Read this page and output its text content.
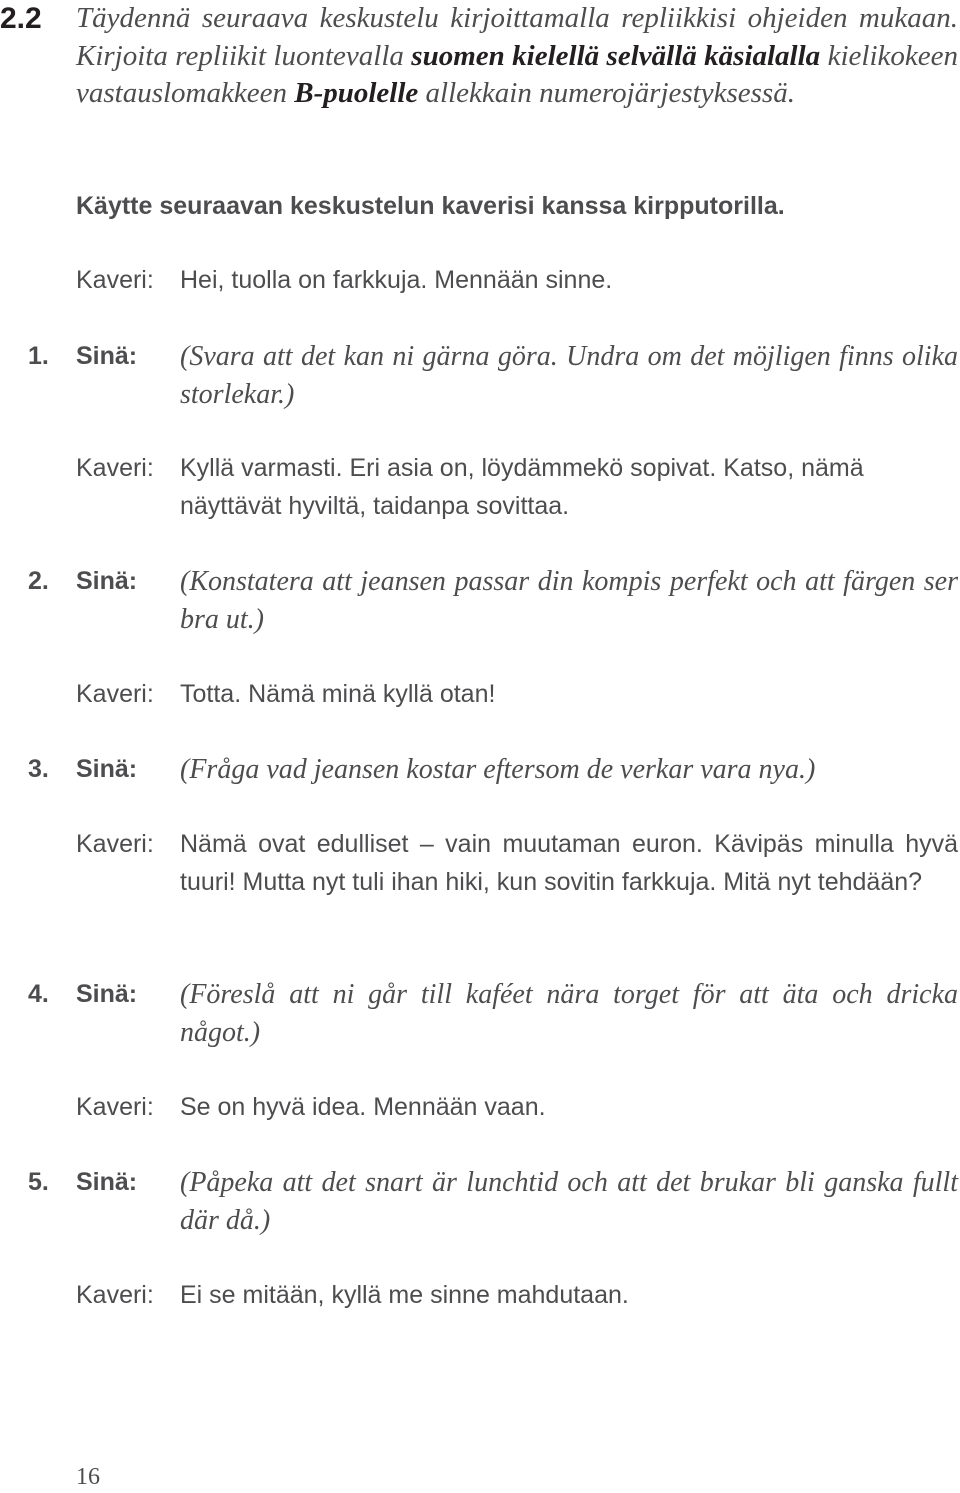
2.2 Täydennä seuraava keskustelu kirjoittamalla repliikkisi ohjeiden mukaan. Kirjoita repliikit luontevalla suomen kielellä selvällä käsialalla kielikokeen vastauslomakkeen B-puolelle allekkain numerojärjestyksessä.
Käytte seuraavan keskustelun kaverisi kanssa kirpputorilla.
Kaveri: Hei, tuolla on farkkuja. Mennään sinne.
1. Sinä: (Svara att det kan ni gärna göra. Undra om det möjligen finns olika storlekar.)
Kaveri: Kyllä varmasti. Eri asia on, löydämmekö sopivat. Katso, nämä näyttävät hyviltä, taidanpa sovittaa.
2. Sinä: (Konstatera att jeansen passar din kompis perfekt och att färgen ser bra ut.)
Kaveri: Totta. Nämä minä kyllä otan!
3. Sinä: (Fråga vad jeansen kostar eftersom de verkar vara nya.)
Kaveri: Nämä ovat edulliset – vain muutaman euron. Kävipäs minulla hyvä tuuri! Mutta nyt tuli ihan hiki, kun sovitin farkkuja. Mitä nyt tehdään?
4. Sinä: (Föreslå att ni går till kaféet nära torget för att äta och dricka något.)
Kaveri: Se on hyvä idea. Mennään vaan.
5. Sinä: (Påpeka att det snart är lunchtid och att det brukar bli ganska fullt där då.)
Kaveri: Ei se mitään, kyllä me sinne mahdutaan.
16
